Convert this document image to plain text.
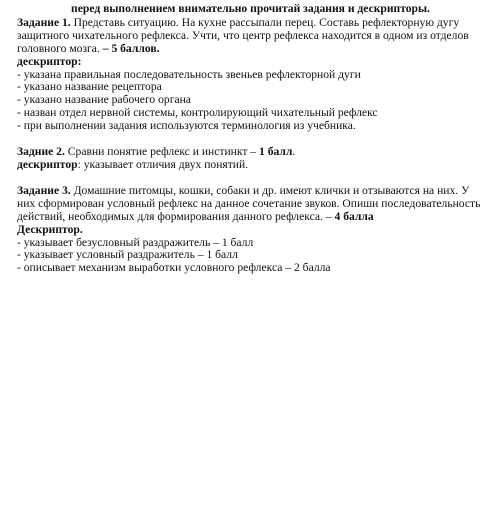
перед выполнением внимательно прочитай задания и дескрипторы.

Задание 1. Представь ситуацию. На кухне рассыпали перец. Составь рефлекторную дугу защитного чихательного рефлекса. Учти, что центр рефлекса находится в одном из отделов головного мозга. – 5 баллов.

дескриптор:

- указана правильная последовательность звеньев рефлекторной дуги
- указано название рецептора
- указано название рабочего органа
- назван отдел нервной системы, контролирующий чихательный рефлекс
- при выполнении задания используются терминология из учебника.

Задние 2. Сравни понятие рефлекс и инстинкт – 1 балл.

дескриптор: указывает отличия двух понятий.

Задание 3. Домашние питомцы, кошки, собаки и др. имеют клички и отзываются на них. У них сформирован условный рефлекс на данное сочетание звуков. Опиши последовательность действий, необходимых для формирования данного рефлекса. – 4 балла

Дескриптор.

- указывает безусловный раздражитель – 1 балл
- указывает условный раздражитель – 1 балл
- описывает механизм выработки условного рефлекса – 2 балла
